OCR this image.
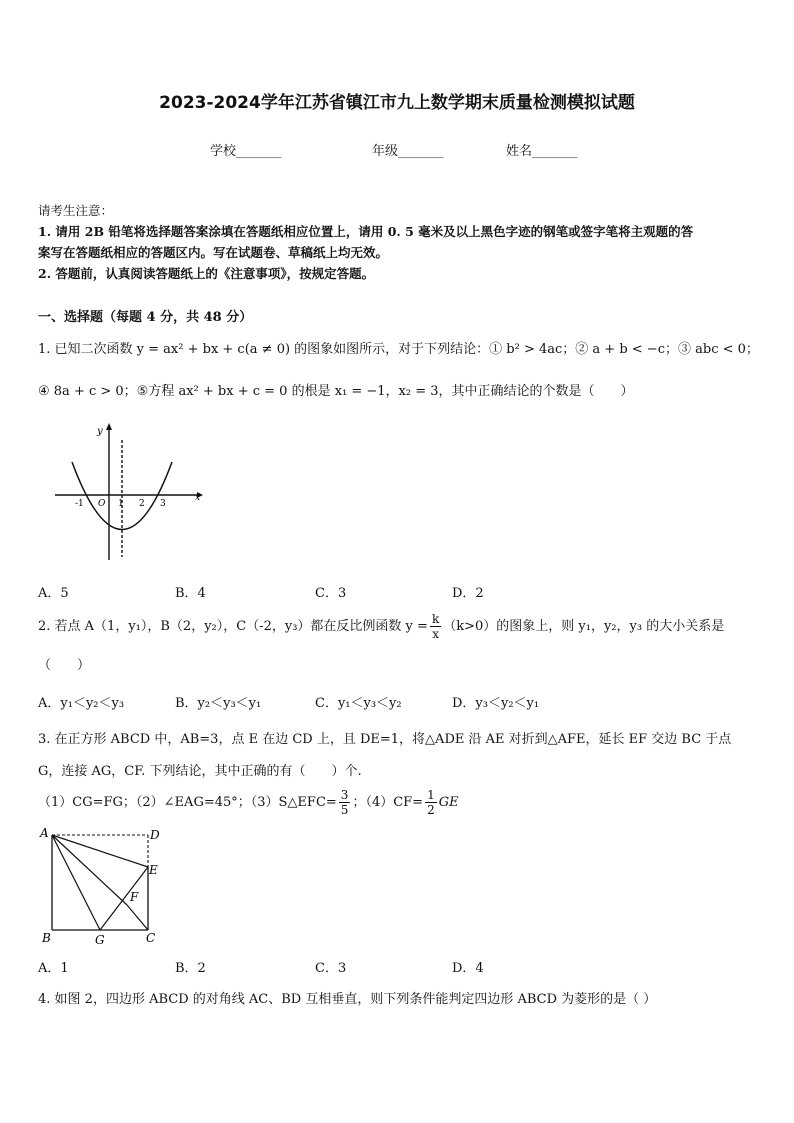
2023-2024学年江苏省镇江市九上数学期末质量检测模拟试题
学校_______	年级_______	姓名_______
请考生注意：
1. 请用 2B 铅笔将选择题答案涂填在答题纸相应位置上，请用 0. 5 毫米及以上黑色字迹的钢笔或签字笔将主观题的答
案写在答题纸相应的答题区内。写在试题卷、草稿纸上均无效。
2. 答题前，认真阅读答题纸上的《注意事项》，按规定答题。
一、选择题（每题 4 分，共 48 分）
1. 已知二次函数 y = ax² + bx + c(a ≠ 0) 的图象如图所示，对于下列结论：① b² > 4ac；② a + b < −c；③ abc < 0；
④ 8a + c > 0；⑤方程 ax² + bx + c = 0 的根是 x₁ = −1，x₂ = 3，其中正确结论的个数是（　　）
y
x
O
-1	1 2 3
A．5	B．4	C．3	D．2
2. 若点 A（1，y₁），B（2，y₂），C（-2，y₃）都在反比例函数 $y = \frac{k}{x} (k>0)$的图象上，则 y₁，y₂，y₃ 的大小关系是
（　　）
A．y₁＜y₂＜y₃	B．y₂＜y₃＜y₁	C．y₁＜y₃＜y₂	D．y₃＜y₂＜y₁
3. 在正方形 ABCD 中，AB=3，点 E 在边 CD 上，且 DE=1，将△ADE 沿 AE 对折到△AFE，延长 EF 交边 BC 于点
G，连接 AG，CF. 下列结论，其中正确的有（　　）个.
（1）CG=FG；（2）∠EAG=45°；（3）S△EFC= $\frac{3}{5}$ ；$(4)CF= \frac{1}{2}$ GE
A	D
E
F
B	G	C
A．1	B．2	C．3	D．4
4. 如图 2，四边形 ABCD 的对角线 AC、BD 互相垂直，则下列条件能判定四边形 ABCD 为菱形的是（ ）
